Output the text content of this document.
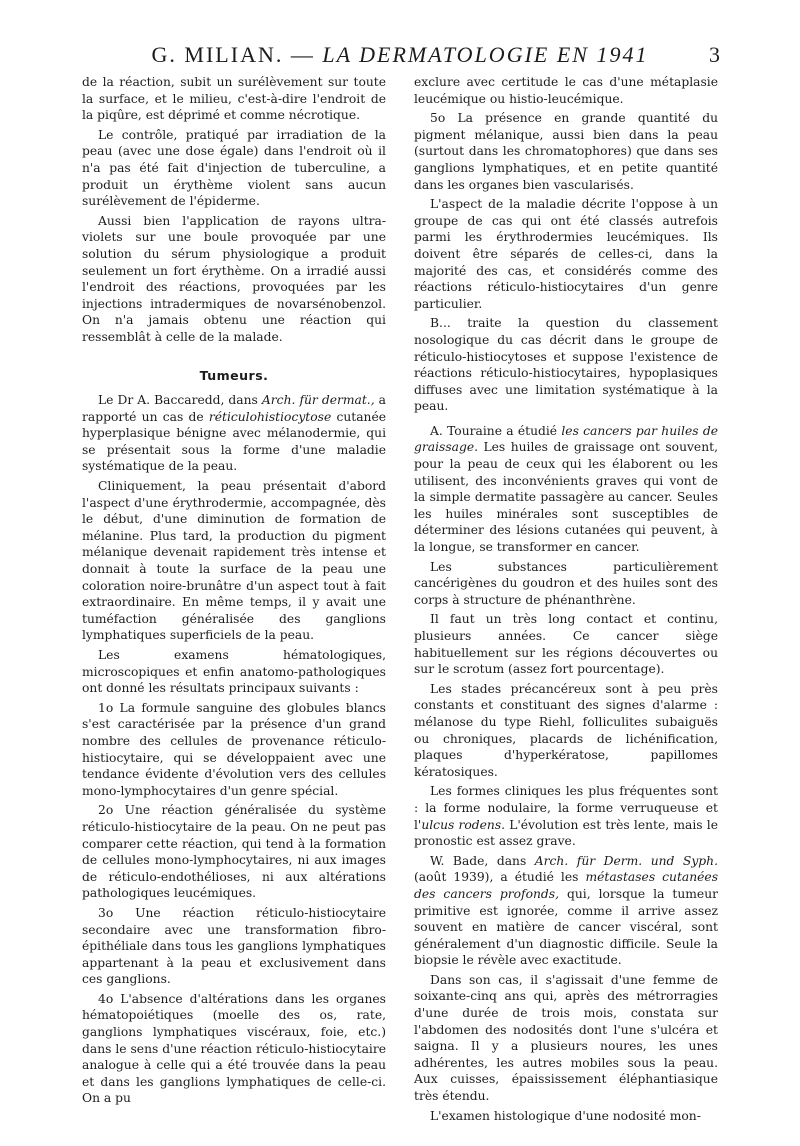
G. MILIAN. — LA DERMATOLOGIE EN 1941	3

de la réaction, subit un surélèvement sur toute la surface, et le milieu, c'est-à-dire l'endroit de la piqûre, est déprimé et comme nécrotique.

Le contrôle, pratiqué par irradiation de la peau (avec une dose égale) dans l'endroit où il n'a pas été fait d'injection de tuberculine, a produit un érythème violent sans aucun surélèvement de l'épiderme.

Aussi bien l'application de rayons ultra-violets sur une boule provoquée par une solution du sérum physiologique a produit seulement un fort érythème. On a irradié aussi l'endroit des réactions, provoquées par les injections intradermiques de novarsénobenzol. On n'a jamais obtenu une réaction qui ressemblât à celle de la malade.

Tumeurs.

Le Dr A. Baccaredd, dans Arch. für dermat., a rapporté un cas de réticulohistiocytose cutanée hyperplasique bénigne avec mélanodermie, qui se présentait sous la forme d'une maladie systématique de la peau.

Cliniquement, la peau présentait d'abord l'aspect d'une érythrodermie, accompagnée, dès le début, d'une diminution de formation de mélanine. Plus tard, la production du pigment mélanique devenait rapidement très intense et donnait à toute la surface de la peau une coloration noire-brunâtre d'un aspect tout à fait extraordinaire. En même temps, il y avait une tuméfaction généralisée des ganglions lymphatiques superficiels de la peau.

Les examens hématologiques, microscopiques et enfin anatomo-pathologiques ont donné les résultats principaux suivants :

1o La formule sanguine des globules blancs s'est caractérisée par la présence d'un grand nombre des cellules de provenance réticulo-histiocytaire, qui se développaient avec une tendance évidente d'évolution vers des cellules mono-lymphocytaires d'un genre spécial.

2o Une réaction généralisée du système réticulo-histiocytaire de la peau. On ne peut pas comparer cette réaction, qui tend à la formation de cellules mono-lymphocytaires, ni aux images de réticulo-endothélioses, ni aux altérations pathologiques leucémiques.

3o Une réaction réticulo-histiocytaire secondaire avec une transformation fibro-épithéliale dans tous les ganglions lymphatiques appartenant à la peau et exclusivement dans ces ganglions.

4o L'absence d'altérations dans les organes hématopoiétiques (moelle des os, rate, ganglions lymphatiques viscéraux, foie, etc.) dans le sens d'une réaction réticulo-histiocytaire analogue à celle qui a été trouvée dans la peau et dans les ganglions lymphatiques de celle-ci. On a pu

exclure avec certitude le cas d'une métaplasie leucémique ou histio-leucémique.

5o La présence en grande quantité du pigment mélanique, aussi bien dans la peau (surtout dans les chromatophores) que dans ses ganglions lymphatiques, et en petite quantité dans les organes bien vascularisés.

L'aspect de la maladie décrite l'oppose à un groupe de cas qui ont été classés autrefois parmi les érythrodermies leucémiques. Ils doivent être séparés de celles-ci, dans la majorité des cas, et considérés comme des réactions réticulo-histiocytaires d'un genre particulier.

B... traite la question du classement nosologique du cas décrit dans le groupe de réticulo-histiocytoses et suppose l'existence de réactions réticulo-histiocytaires, hypoplasiques diffuses avec une limitation systématique à la peau.

A. Touraine a étudié les cancers par huiles de graissage. Les huiles de graissage ont souvent, pour la peau de ceux qui les élaborent ou les utilisent, des inconvénients graves qui vont de la simple dermatite passagère au cancer. Seules les huiles minérales sont susceptibles de déterminer des lésions cutanées qui peuvent, à la longue, se transformer en cancer.

Les substances particulièrement cancérigènes du goudron et des huiles sont des corps à structure de phénanthrène.

Il faut un très long contact et continu, plusieurs années. Ce cancer siège habituellement sur les régions découvertes ou sur le scrotum (assez fort pourcentage).

Les stades précancéreux sont à peu près constants et constituant des signes d'alarme : mélanose du type Riehl, folliculites subaiguës ou chroniques, placards de lichénification, plaques d'hyperkératose, papillomes kératosiques.

Les formes cliniques les plus fréquentes sont : la forme nodulaire, la forme verruqueuse et l'ulcus rodens. L'évolution est très lente, mais le pronostic est assez grave.

W. Bade, dans Arch. für Derm. und Syph. (août 1939), a étudié les métastases cutanées des cancers profonds, qui, lorsque la tumeur primitive est ignorée, comme il arrive assez souvent en matière de cancer viscéral, sont généralement d'un diagnostic difficile. Seule la biopsie le révèle avec exactitude.

Dans son cas, il s'agissait d'une femme de soixante-cinq ans qui, après des métrorragies d'une durée de trois mois, constata sur l'abdomen des nodosités dont l'une s'ulcéra et saigna. Il y a plusieurs noures, les unes adhérentes, les autres mobiles sous la peau. Aux cuisses, épaississement éléphantiasique très étendu.

L'examen histologique d'une nodosité mon-
